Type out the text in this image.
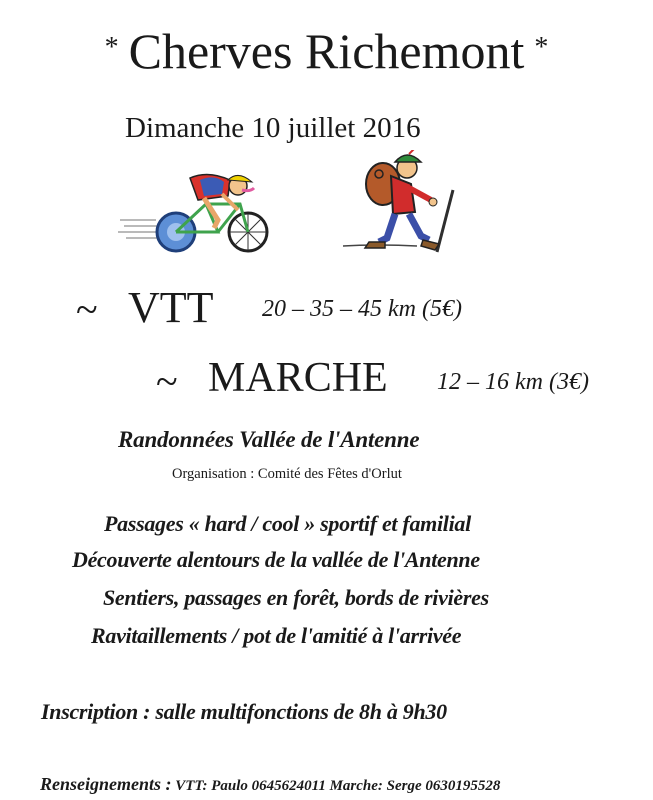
* Cherves Richemont *
Dimanche 10 juillet 2016
~ VTT 20 – 35 – 45 km (5€)
~ MARCHE 12 – 16 km (3€)
Randonnées Vallée de l'Antenne
Organisation : Comité des Fêtes d'Orlut
Passages « hard / cool » sportif et familial
Découverte alentours de la vallée de l'Antenne
Sentiers, passages en forêt, bords de rivières
Ravitaillements / pot de l'amitié à l'arrivée
Inscription : salle multifonctions de 8h à 9h30
Renseignements : VTT: Paulo 0645624011 Marche: Serge 0630195528
